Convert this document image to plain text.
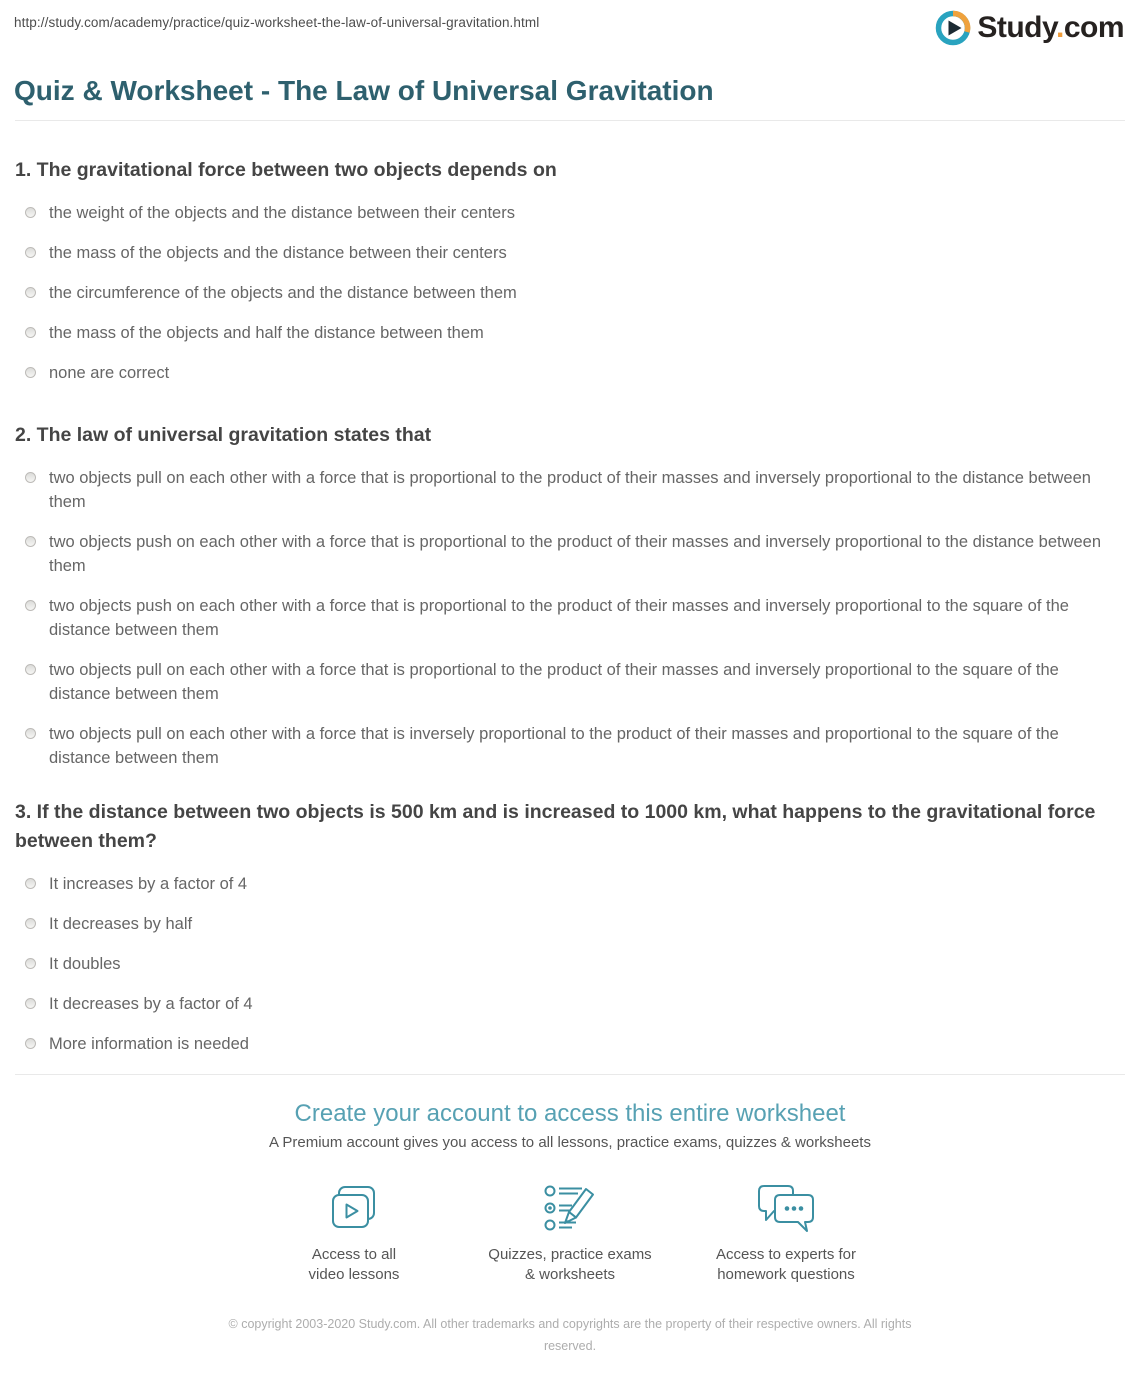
http://study.com/academy/practice/quiz-worksheet-the-law-of-universal-gravitation.html	Study.com
Quiz & Worksheet - The Law of Universal Gravitation
1. The gravitational force between two objects depends on
the weight of the objects and the distance between their centers
the mass of the objects and the distance between their centers
the circumference of the objects and the distance between them
the mass of the objects and half the distance between them
none are correct
2. The law of universal gravitation states that
two objects pull on each other with a force that is proportional to the product of their masses and inversely proportional to the distance between them
two objects push on each other with a force that is proportional to the product of their masses and inversely proportional to the distance between them
two objects push on each other with a force that is proportional to the product of their masses and inversely proportional to the square of the distance between them
two objects pull on each other with a force that is proportional to the product of their masses and inversely proportional to the square of the distance between them
two objects pull on each other with a force that is inversely proportional to the product of their masses and proportional to the square of the distance between them
3. If the distance between two objects is 500 km and is increased to 1000 km, what happens to the gravitational force between them?
It increases by a factor of 4
It decreases by half
It doubles
It decreases by a factor of 4
More information is needed
Create your account to access this entire worksheet
A Premium account gives you access to all lessons, practice exams, quizzes & worksheets
Access to all
video lessons
Quizzes, practice exams
& worksheets
Access to experts for
homework questions
© copyright 2003-2020 Study.com. All other trademarks and copyrights are the property of their respective owners. All rights reserved.
